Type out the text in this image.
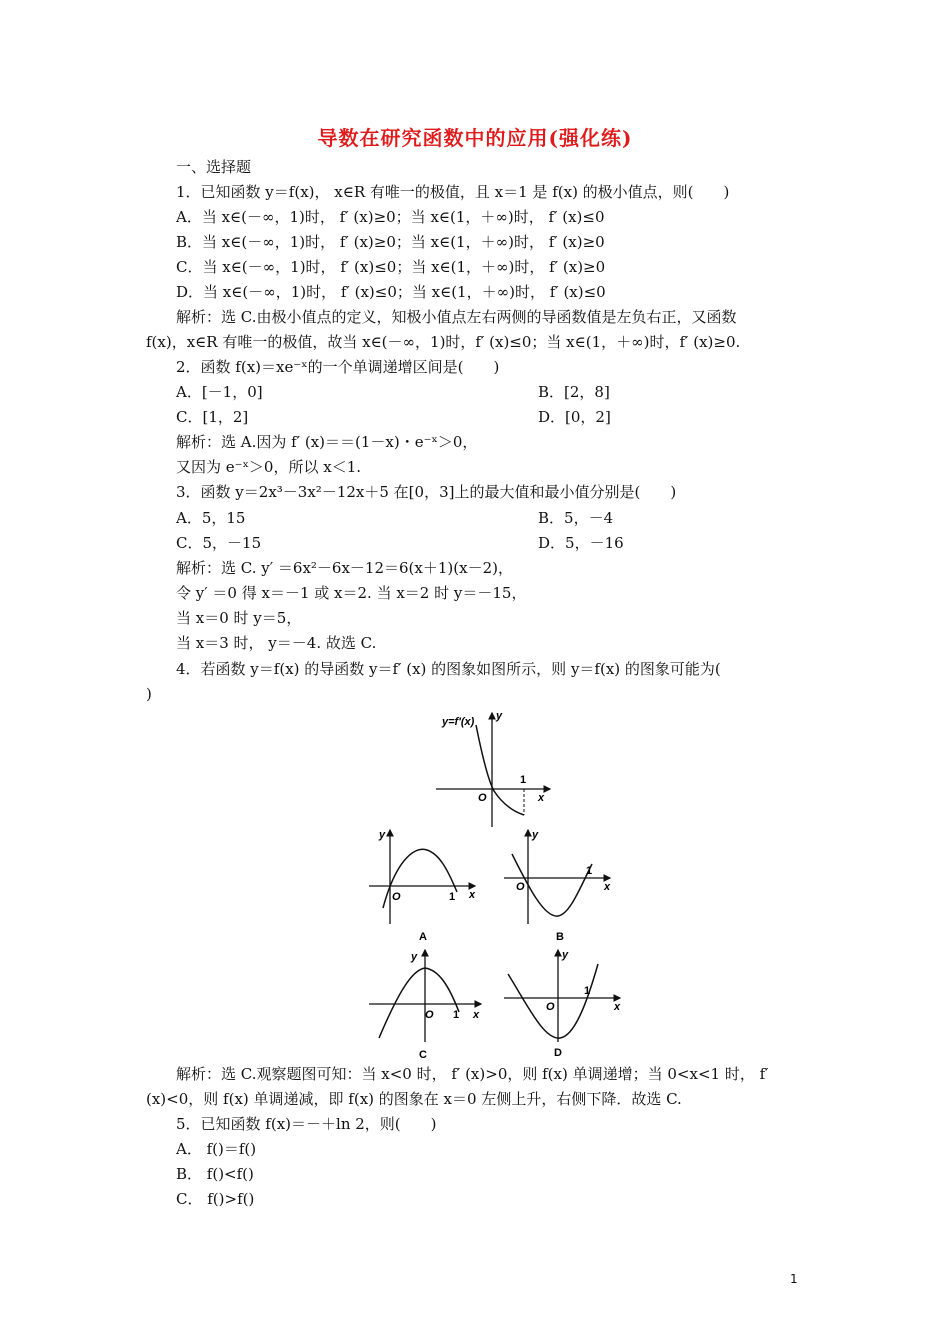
导数在研究函数中的应用(强化练)
一、选择题
1．已知函数 y＝f(x)， x∈R 有唯一的极值，且 x＝1 是 f(x) 的极小值点，则(　　)
A．当 x∈(－∞，1)时， f′ (x)≥0；当 x∈(1，＋∞)时， f′ (x)≤0
B．当 x∈(－∞，1)时， f′ (x)≥0；当 x∈(1，＋∞)时， f′ (x)≥0
C．当 x∈(－∞，1)时， f′ (x)≤0；当 x∈(1，＋∞)时， f′ (x)≥0
D．当 x∈(－∞，1)时， f′ (x)≤0；当 x∈(1，＋∞)时， f′ (x)≤0
解析：选 C.由极小值点的定义，知极小值点左右两侧的导函数值是左负右正，又函数
f(x)，x∈R 有唯一的极值，故当 x∈(－∞，1)时，f′ (x)≤0；当 x∈(1，＋∞)时，f′ (x)≥0.
2．函数 f(x)＝xe⁻ˣ的一个单调递增区间是(　　)
A．[－1，0]	B．[2，8]
C．[1，2]	D．[0，2]
解析：选 A.因为 f′ (x)＝＝(1－x)・e⁻ˣ＞0，
又因为 e⁻ˣ＞0，所以 x＜1.
3．函数 y＝2x³－3x²－12x＋5 在[0，3]上的最大值和最小值分别是(　　)
A．5，15	B．5，－4
C．5，－15	D．5，－16
解析：选 C. y′ ＝6x²－6x－12＝6(x＋1)(x－2)，
令 y′ ＝0 得 x＝－1 或 x＝2. 当 x＝2 时 y＝－15，
当 x＝0 时 y＝5，
当 x＝3 时， y＝－4. 故选 C.
4．若函数 y＝f(x) 的导函数 y＝f′ (x) 的图象如图所示，则 y＝f(x) 的图象可能为(
)
y=f′(x) y
x
O
1
y
x
O	1
A
y
x
O
1
B
y
x
O 1
C
y
x
O
1
D
解析：选 C.观察题图可知：当 x<0 时， f′ (x)>0，则 f(x) 单调递增；当 0<x<1 时， f′
(x)<0，则 f(x) 单调递减，即 f(x) 的图象在 x＝0 左侧上升，右侧下降．故选 C.
5．已知函数 f(x)＝－＋ln 2，则(　　)
A． f()＝f()
B． f()<f()
C． f()>f()
1
